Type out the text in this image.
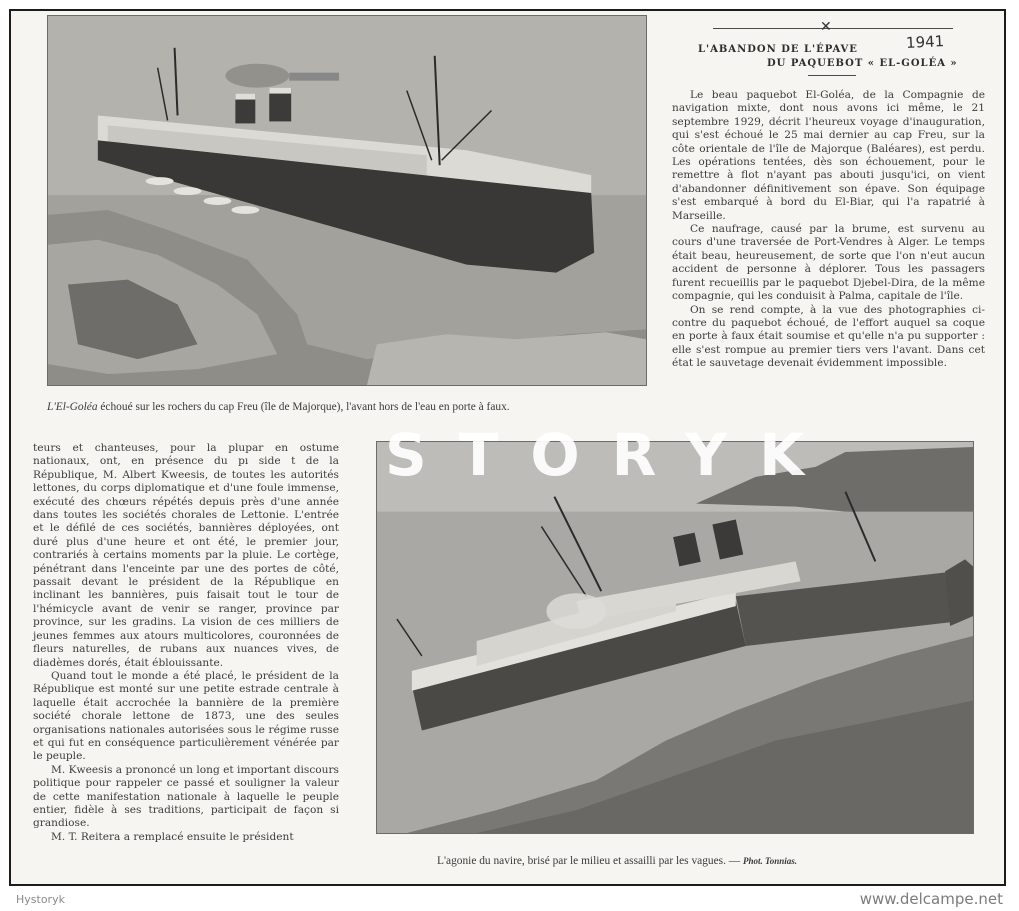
✕
1941
L'ABANDON DE L'ÉPAVE
DU PAQUEBOT « EL-GOLÉA »

Le beau paquebot El-Goléa, de la Compagnie de navigation mixte, dont nous avons ici même, le 21 septembre 1929, décrit l'heureux voyage d'inauguration, qui s'est échoué le 25 mai dernier au cap Freu, sur la côte orientale de l'île de Majorque (Baléares), est perdu. Les opérations tentées, dès son échouement, pour le remettre à flot n'ayant pas abouti jusqu'ici, on vient d'abandonner définitivement son épave. Son équipage s'est embarqué à bord du El-Biar, qui l'a rapatrié à Marseille.

Ce naufrage, causé par la brume, est survenu au cours d'une traversée de Port-Vendres à Alger. Le temps était beau, heureusement, de sorte que l'on n'eut aucun accident de personne à déplorer. Tous les passagers furent recueillis par le paquebot Djebel-Dira, de la même compagnie, qui les conduisit à Palma, capitale de l'île.

On se rend compte, à la vue des photographies ci-contre du paquebot échoué, de l'effort auquel sa coque en porte à faux était soumise et qu'elle n'a pu supporter : elle s'est rompue au premier tiers vers l'avant. Dans cet état le sauvetage devenait évidemment impossible.

L'El-Goléa échoué sur les rochers du cap Freu (île de Majorque), l'avant hors de l'eau en porte à faux.

teurs et chanteuses, pour la plupar en ostume nationaux, ont, en présence du pı side t de la République, M. Albert Kweesis, de toutes les autorités lettones, du corps diplomatique et d'une foule immense, exécuté des chœurs répétés depuis près d'une année dans toutes les sociétés chorales de Lettonie. L'entrée et le défilé de ces sociétés, bannières déployées, ont duré plus d'une heure et ont été, le premier jour, contrariés à certains moments par la pluie. Le cortège, pénétrant dans l'enceinte par une des portes de côté, passait devant le président de la République en inclinant les bannières, puis faisait tout le tour de l'hémicycle avant de venir se ranger, province par province, sur les gradins. La vision de ces milliers de jeunes femmes aux atours multicolores, couronnées de fleurs naturelles, de rubans aux nuances vives, de diadèmes dorés, était éblouissante.

Quand tout le monde a été placé, le président de la République est monté sur une petite estrade centrale à laquelle était accrochée la bannière de la première société chorale lettone de 1873, une des seules organisations nationales autorisées sous le régime russe et qui fut en conséquence particulièrement vénérée par le peuple.

M. Kweesis a prononcé un long et important discours politique pour rappeler ce passé et souligner la valeur de cette manifestation nationale à laquelle le peuple entier, fidèle à ses traditions, participait de façon si grandiose.

M. T. Reitera a remplacé ensuite le président

STORYK
L'agonie du navire, brisé par le milieu et assailli par les vagues. — Phot. Tonnias.
Hystoryk	www.delcampe.net
